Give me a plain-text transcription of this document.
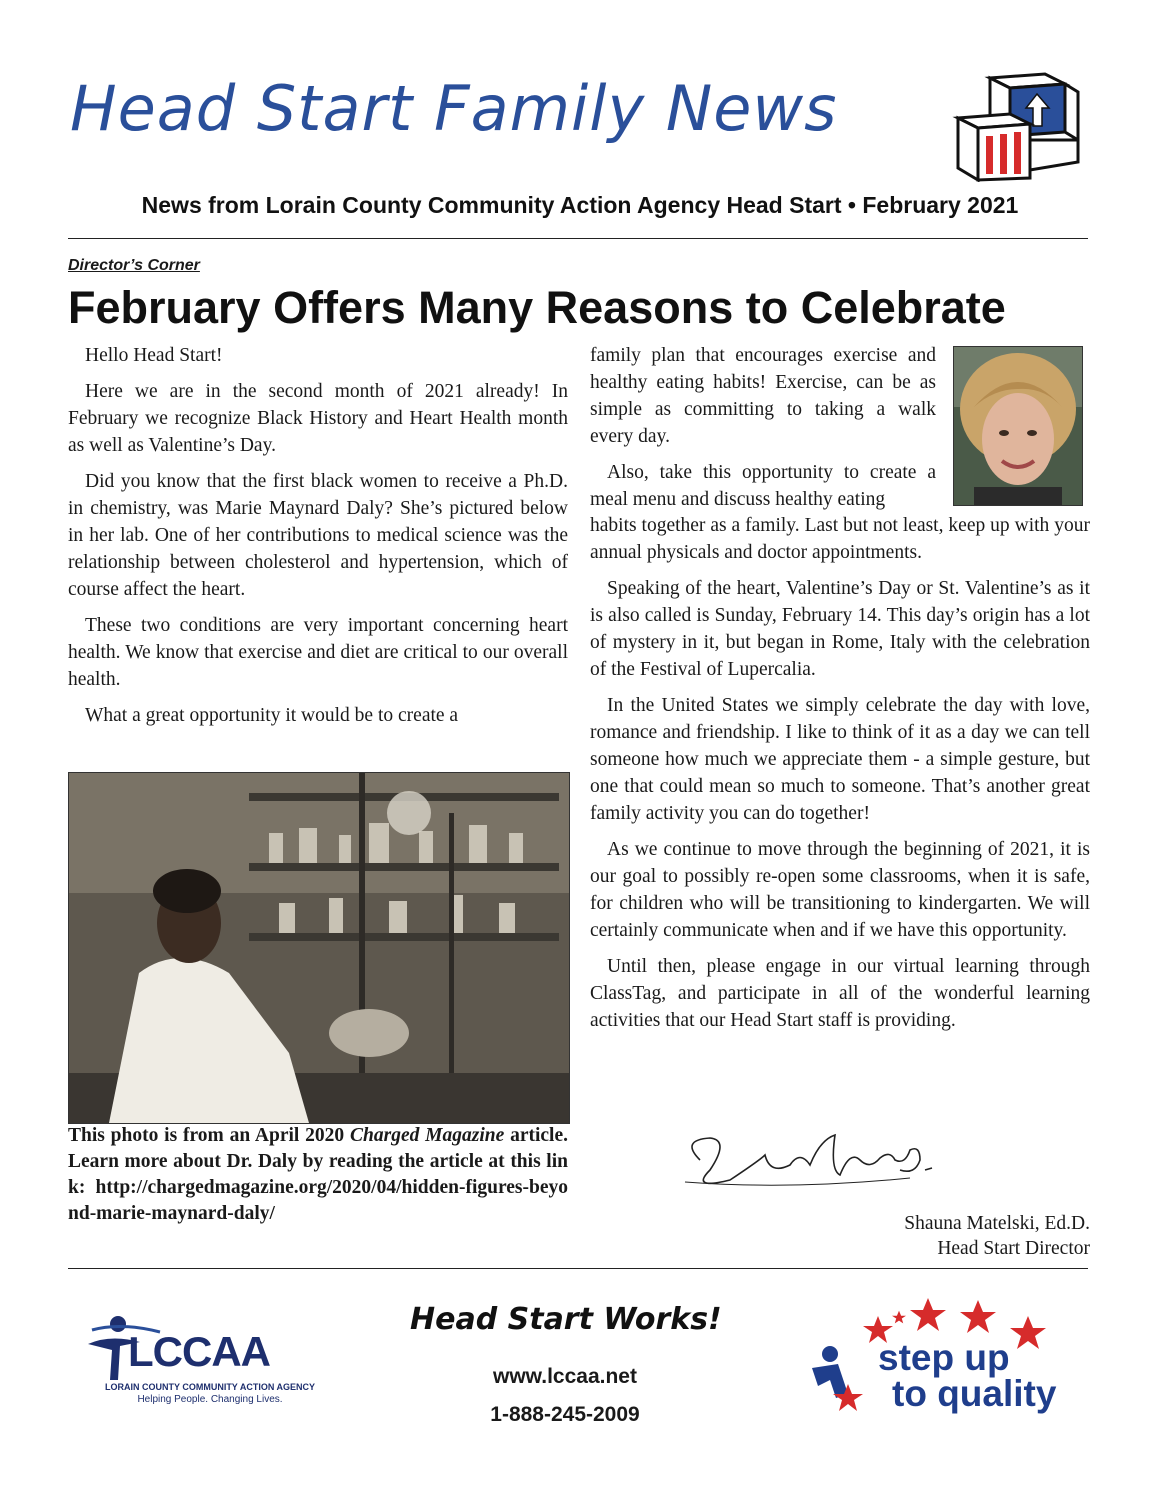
Head Start Family News
News from Lorain County Community Action Agency Head Start • February 2021
Director’s Corner
February Offers Many Reasons to Celebrate

Hello Head Start!

Here we are in the second month of 2021 already! In February we recognize Black History and Heart Health month as well as Valentine’s Day.

Did you know that the first black women to receive a Ph.D. in chemistry, was Marie Maynard Daly? She’s pictured below in her lab. One of her contributions to medical science was the relationship between cholesterol and hypertension, which of course affect the heart.

These two conditions are very important concerning heart health. We know that exercise and diet are critical to our overall health.

What a great opportunity it would be to create a

This photo is from an April 2020 Charged Magazine article. Learn more about Dr. Daly by reading the article at this link: http://chargedmagazine.org/2020/04/hidden-figures-beyond-marie-maynard-daly/

family plan that encourages exercise and healthy eating habits! Exercise, can be as simple as committing to taking a walk every day.

Also, take this opportunity to create a meal menu and discuss healthy eating

habits together as a family. Last but not least, keep up with your annual physicals and doctor appointments.

Speaking of the heart, Valentine’s Day or St. Valentine’s as it is also called is Sunday, February 14. This day’s origin has a lot of mystery in it, but began in Rome, Italy with the celebration of the Festival of Lupercalia.

In the United States we simply celebrate the day with love, romance and friendship. I like to think of it as a day we can tell someone how much we appreciate them - a simple gesture, but one that could mean so much to someone. That’s another great family activity you can do together!

As we continue to move through the beginning of 2021, it is our goal to possibly re-open some classrooms, when it is safe, for children who will be transitioning to kindergarten. We will certainly communicate when and if we have this opportunity.

Until then, please engage in our virtual learning through ClassTag, and participate in all of the wonderful learning activities that our Head Start staff is providing.

Shauna Matelski, Ed.D.
Head Start Director
LCCAA
LORAIN COUNTY COMMUNITY ACTION AGENCY
Helping People. Changing Lives.
Head Start Works!
www.lccaa.net
1-888-245-2009
step up
to quality
